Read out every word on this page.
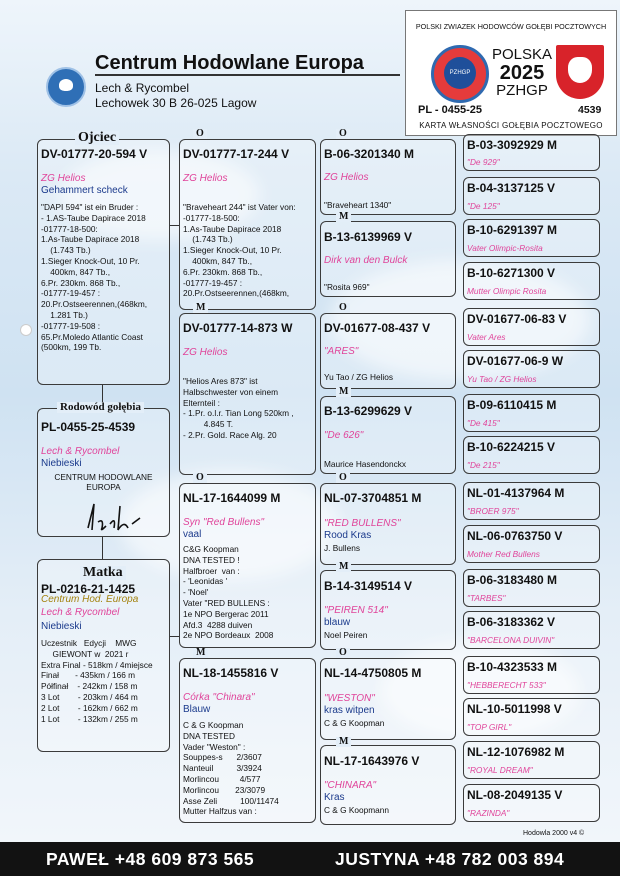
Centrum Hodowlane Europa
Lech & Rycombel
Lechowek 30 B 26-025 Lagow
POLSKI ZWIAZEK HODOWCÓW GOŁĘBI POCZTOWYCH
PZHGP
POLSKA
2025
PZHGP
PL - 0455-25	4539
KARTA WŁASNOŚCI GOŁĘBIA POCZTOWEGO
DV-01777-20-594 V
ZG Helios
Gehammert scheck
"DAPI 594" ist ein Bruder :
- 1.AS-Taube Dapirace 2018
-01777-18-500:
1.As-Taube Dapirace 2018
(1.743 Tb.)
1.Sieger Knock-Out, 10 Pr.
400km, 847 Tb.,
6.Pr. 230km. 868 Tb.,
-01777-19-457 :
20.Pr.Ostseerennen,(468km,
1.281 Tb.)
-01777-19-508 :
65.Pr.Moledo Atlantic Coast
(500km, 199 Tb.
Ojciec
PL-0455-25-4539
Lech & Rycombel
Niebieski
CENTRUM HODOWLANE
EUROPA
Rodowód gołębia
PL-0216-21-1425
Centrum Hod. Europa
Lech & Rycombel
Niebieski
Uczestnik   Edycji    MWG
GIEWONT w  2021 r
Extra Final - 518km / 4miejsce
Finał       - 435km / 166 m
Półfinał    - 242km / 158 m
3 Lot        - 203km / 464 m
2 Lot        - 162km / 662 m
1 Lot        - 132km / 255 m
Matka
DV-01777-17-244 V
ZG Helios
"Braveheart 244" ist Vater von:
-01777-18-500:
1.As-Taube Dapirace 2018
(1.743 Tb.)
1.Sieger Knock-Out, 10 Pr.
400km, 847 Tb.,
6.Pr. 230km. 868 Tb.,
-01777-19-457 :
20.Pr.Ostseerennen,(468km,
O
DV-01777-14-873 W
ZG Helios
"Helios Ares 873" ist
Halbschwester von einem
Elternteil :
- 1.Pr. o.l.r. Tian Long 520km ,
4.845 T.
- 2.Pr. Gold. Race Alg. 20
M
NL-17-1644099 M
Syn "Red Bullens"
vaal
C&G Koopman
DNA TESTED !
Halfbroer  van :
- 'Leonidas '
- 'Noel'
Vater "RED BULLENS :
1e NPO Bergerac 2011
Afd.3  4288 duiven
2e NPO Bordeaux  2008
O
NL-18-1455816 V
Córka "Chinara"
Blauw
C & G Koopman
DNA TESTED
Vader "Weston" :
Souppes-s      2/3607
Nanteuil          3/3924
Morlincou         4/577
Morlincou       23/3079
Asse Zeli          100/11474
Mutter Halfzus van :
M
B-06-3201340 M
ZG Helios
"Braveheart 1340"
O
B-13-6139969 V
Dirk van den Bulck
"Rosita 969"
M
DV-01677-08-437 V
"ARES"
Yu Tao / ZG Helios
O
B-13-6299629 V
"De 626"
Maurice Hasendonckx
M
NL-07-3704851 M
"RED BULLENS"
Rood Kras
J. Bullens
O
B-14-3149514 V
"PEIREN 514"
blauw
Noel Peiren
M
NL-14-4750805 M
"WESTON"
kras witpen
C & G Koopman
O
NL-17-1643976 V
"CHINARA"
Kras
C & G Koopmann
M
B-03-3092929 M
"De 929"
B-04-3137125 V
"De 125"
B-10-6291397 M
Vater Olimpic-Rosita
B-10-6271300 V
Mutter Olimpic Rosita
DV-01677-06-83 V
Vater Ares
DV-01677-06-9 W
Yu Tao / ZG Helios
B-09-6110415 M
"De 415"
B-10-6224215 V
"De 215"
NL-01-4137964 M
"BROER 975"
NL-06-0763750 V
Mother Red Bullens
B-06-3183480 M
"TARBES"
B-06-3183362 V
"BARCELONA DUIVIN"
B-10-4323533 M
"HEBBERECHT 533"
NL-10-5011998 V
"TOP GIRL"
NL-12-1076982 M
"ROYAL DREAM"
NL-08-2049135 V
"RAZINDA"
Hodowla 2000 v4 ©
PAWEŁ +48 609 873 565	JUSTYNA +48 782 003 894
